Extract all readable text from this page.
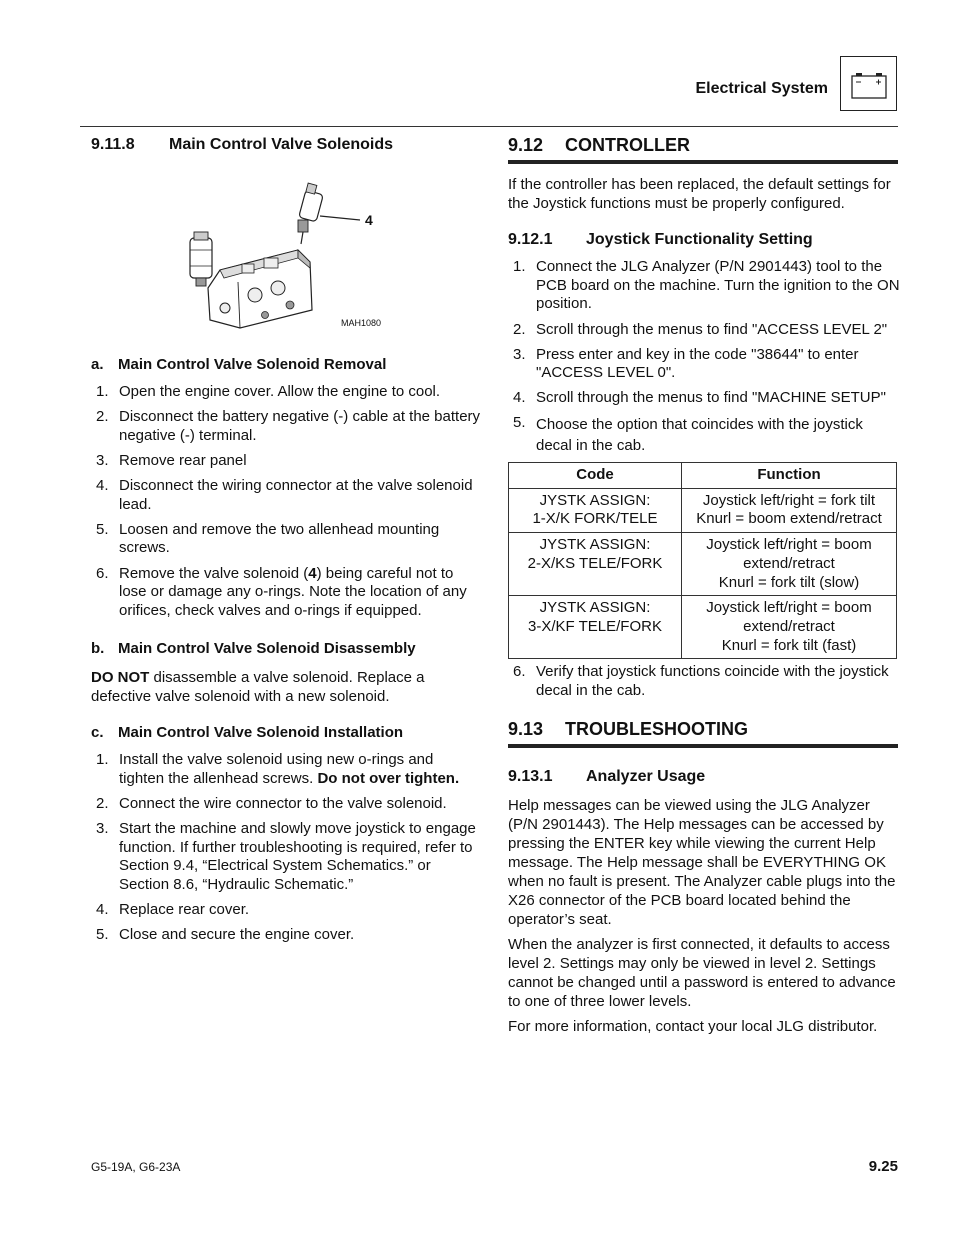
Electrical System
9.11.8	Main Control Valve Solenoids
4
MAH1080
a. Main Control Valve Solenoid Removal
1. Open the engine cover. Allow the engine to cool.
2. Disconnect the battery negative (-) cable at the battery negative (-) terminal.
3. Remove rear panel
4. Disconnect the wiring connector at the valve solenoid lead.
5. Loosen and remove the two allenhead mounting screws.
6. Remove the valve solenoid (4) being careful not to lose or damage any o-rings. Note the location of any orifices, check valves and o-rings if equipped.
b. Main Control Valve Solenoid Disassembly

DO NOT disassemble a valve solenoid. Replace a defective valve solenoid with a new solenoid.

c. Main Control Valve Solenoid Installation
1. Install the valve solenoid using new o-rings and tighten the allenhead screws. Do not over tighten.
2. Connect the wire connector to the valve solenoid.
3. Start the machine and slowly move joystick to engage function. If further troubleshooting is required, refer to Section 9.4, “Electrical System Schematics.” or Section 8.6, “Hydraulic Schematic.”
4. Replace rear cover.
5. Close and secure the engine cover.
9.12	CONTROLLER

If the controller has been replaced, the default settings for the Joystick functions must be properly configured.

9.12.1	Joystick Functionality Setting
1. Connect the JLG Analyzer (P/N 2901443) tool to the PCB board on the machine. Turn the ignition to the ON position.
2. Scroll through the menus to find "ACCESS LEVEL 2"
3. Press enter and key in the code "38644" to enter "ACCESS LEVEL 0".
4. Scroll through the menus to find "MACHINE SETUP"
5. Choose the option that coincides with the joystick decal in the cab.
Code	Function

JYSTK ASSIGN:
1-X/K FORK/TELE	Joystick left/right = fork tilt
Knurl = boom extend/retract

JYSTK ASSIGN:
2-X/KS TELE/FORK	Joystick left/right = boom
extend/retract
Knurl = fork tilt (slow)

JYSTK ASSIGN:
3-X/KF TELE/FORK	Joystick left/right = boom
extend/retract
Knurl = fork tilt (fast)
6. Verify that joystick functions coincide with the joystick decal in the cab.
9.13	TROUBLESHOOTING
9.13.1	Analyzer Usage

Help messages can be viewed using the JLG Analyzer (P/N 2901443). The Help messages can be accessed by pressing the ENTER key while viewing the current Help message. The Help message shall be EVERYTHING OK when no fault is present. The Analyzer cable plugs into the X26 connector of the PCB board located behind the operator’s seat.

When the analyzer is first connected, it defaults to access level 2. Settings may only be viewed in level 2. Settings cannot be changed until a password is entered to advance to one of three lower levels.

For more information, contact your local JLG distributor.

G5-19A, G6-23A	9.25
